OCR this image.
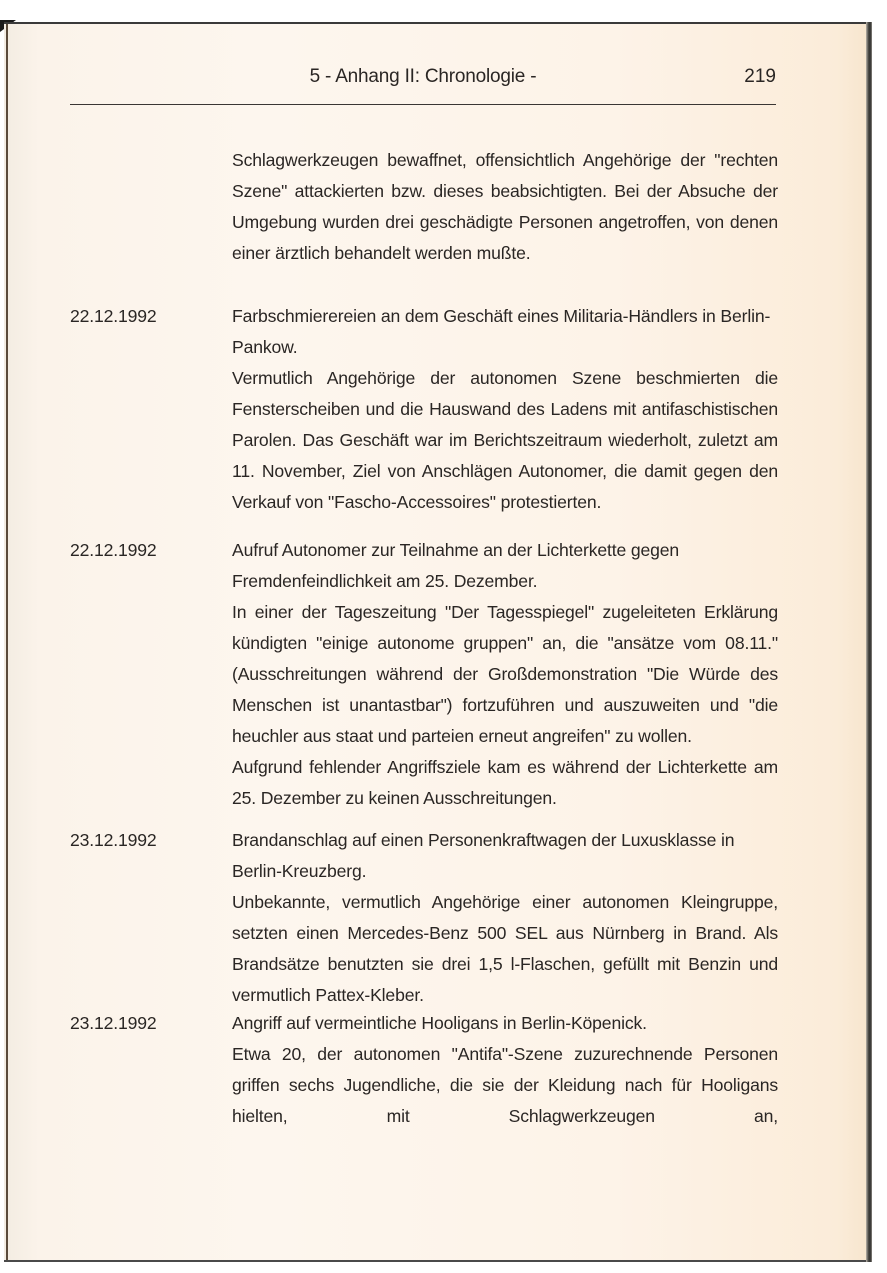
5 - Anhang II: Chronologie -	219
Schlagwerkzeugen bewaffnet, offensichtlich Angehörige der "rechten Szene" attackierten bzw. dieses beabsichtigten. Bei der Absuche der Umgebung wurden drei geschädigte Personen angetroffen, von denen einer ärztlich behandelt werden mußte.
22.12.1992	Farbschmierereien an dem Geschäft eines Militaria-Händlers in Berlin-Pankow.

Vermutlich Angehörige der autonomen Szene beschmierten die Fensterscheiben und die Hauswand des Ladens mit antifaschistischen Parolen. Das Geschäft war im Berichtszeitraum wiederholt, zuletzt am 11. November, Ziel von Anschlägen Autonomer, die damit gegen den Verkauf von "Fascho-Accessoires" protestierten.

22.12.1992	Aufruf Autonomer zur Teilnahme an der Lichterkette gegen Fremdenfeindlichkeit am 25. Dezember.

In einer der Tageszeitung "Der Tagesspiegel" zugeleiteten Erklärung kündigten "einige autonome gruppen" an, die "ansätze vom 08.11." (Ausschreitungen während der Großdemonstration "Die Würde des Menschen ist unantastbar") fortzuführen und auszuweiten und "die heuchler aus staat und parteien erneut angreifen" zu wollen.

Aufgrund fehlender Angriffsziele kam es während der Lichterkette am 25. Dezember zu keinen Ausschreitungen.

23.12.1992	Brandanschlag auf einen Personenkraftwagen der Luxusklasse in Berlin-Kreuzberg.

Unbekannte, vermutlich Angehörige einer autonomen Kleingruppe, setzten einen Mercedes-Benz 500 SEL aus Nürnberg in Brand. Als Brandsätze benutzten sie drei 1,5 l-Flaschen, gefüllt mit Benzin und vermutlich Pattex-Kleber.

23.12.1992	Angriff auf vermeintliche Hooligans in Berlin-Köpenick.

Etwa 20, der autonomen "Antifa"-Szene zuzurechnende Personen griffen sechs Jugendliche, die sie der Kleidung nach für Hooligans hielten, mit Schlagwerkzeugen an,
